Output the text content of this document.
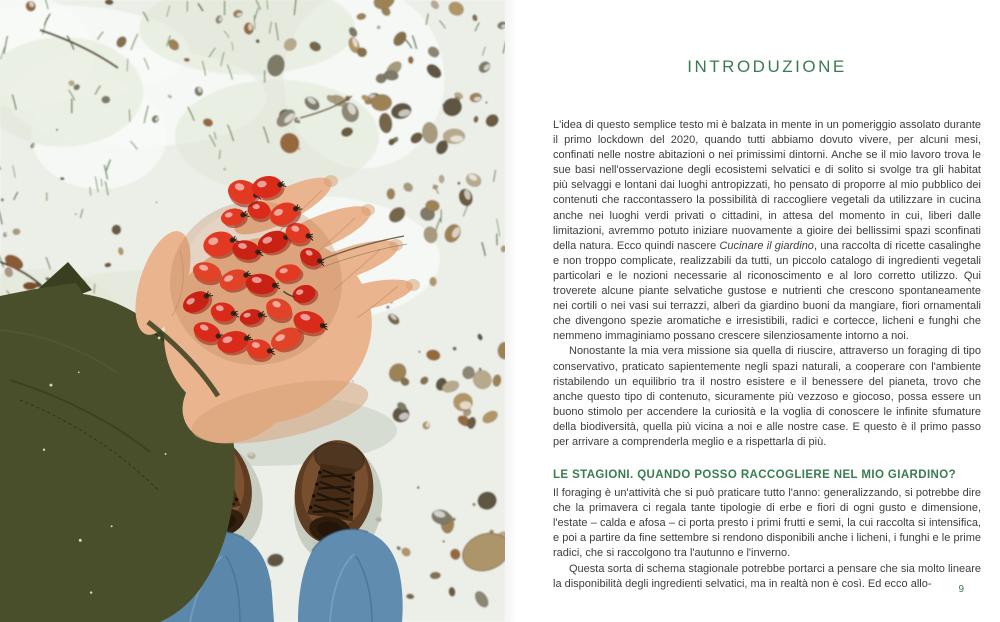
INTRODUZIONE

L'idea di questo semplice testo mi è balzata in mente in un pomeriggio assolato durante il primo lockdown del 2020, quando tutti abbiamo dovuto vivere, per alcuni mesi, confinati nelle nostre abitazioni o nei primissimi dintorni. Anche se il mio lavoro trova le sue basi nell'osservazione degli ecosistemi selvatici e di solito si svolge tra gli habitat più selvaggi e lontani dai luoghi antropizzati, ho pensato di proporre al mio pubblico dei contenuti che raccontassero la possibilità di raccogliere vegetali da utilizzare in cucina anche nei luoghi verdi privati o cittadini, in attesa del momento in cui, liberi dalle limitazioni, avremmo potuto iniziare nuovamente a gioire dei bellissimi spazi sconfinati della natura. Ecco quindi nascere Cucinare il giardino, una raccolta di ricette casalinghe e non troppo complicate, realizzabili da tutti, un piccolo catalogo di ingredienti vegetali particolari e le nozioni necessarie al riconoscimento e al loro corretto utilizzo. Qui troverete alcune piante selvatiche gustose e nutrienti che crescono spontaneamente nei cortili o nei vasi sui terrazzi, alberi da giardino buoni da mangiare, fiori ornamentali che divengono spezie aromatiche e irresistibili, radici e cortecce, licheni e funghi che nemmeno immaginiamo possano crescere silenziosamente intorno a noi.

Nonostante la mia vera missione sia quella di riuscire, attraverso un foraging di tipo conservativo, praticato sapientemente negli spazi naturali, a cooperare con l'ambiente ristabilendo un equilibrio tra il nostro esistere e il benessere del pianeta, trovo che anche questo tipo di contenuto, sicuramente più vezzoso e giocoso, possa essere un buono stimolo per accendere la curiosità e la voglia di conoscere le infinite sfumature della biodiversità, quella più vicina a noi e alle nostre case. E questo è il primo passo per arrivare a comprenderla meglio e a rispettarla di più.

LE STAGIONI. QUANDO POSSO RACCOGLIERE NEL MIO GIARDINO?

Il foraging è un'attività che si può praticare tutto l'anno: generalizzando, si potrebbe dire che la primavera ci regala tante tipologie di erbe e fiori di ogni gusto e dimensione, l'estate – calda e afosa – ci porta presto i primi frutti e semi, la cui raccolta si intensifica, e poi a partire da fine settembre si rendono disponibili anche i licheni, i funghi e le prime radici, che si raccolgono tra l'autunno e l'inverno.

Questa sorta di schema stagionale potrebbe portarci a pensare che sia molto lineare la disponibilità degli ingredienti selvatici, ma in realtà non è così. Ed ecco allo-	9
